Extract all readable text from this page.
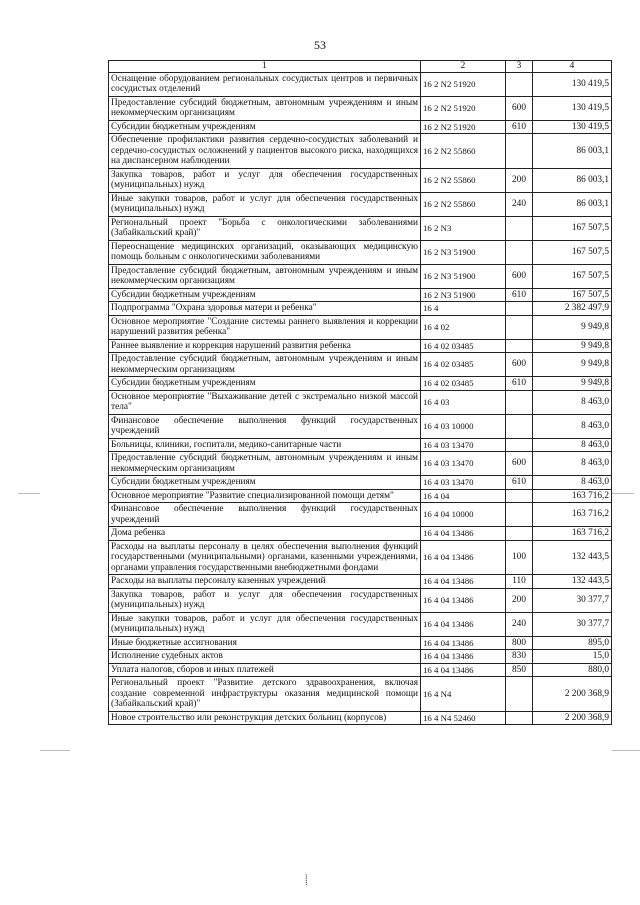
53
1	2	3	4
Оснащение оборудованием региональных сосудистых центров и первичных сосудистых отделений	16 2 N2 51920		130 419,5
Предоставление субсидий бюджетным, автономным учреждениям и иным некоммерческим организациям	16 2 N2 51920	600	130 419,5
Субсидии бюджетным учреждениям	16 2 N2 51920	610	130 419,5
Обеспечение профилактики развития сердечно-сосудистых заболеваний и сердечно-сосудистых осложнений у пациентов высокого риска, находящихся на диспансерном наблюдении	16 2 N2 55860		86 003,1
Закупка товаров, работ и услуг для обеспечения государственных (муниципальных) нужд	16 2 N2 55860	200	86 003,1
Иные закупки товаров, работ и услуг для обеспечения государственных (муниципальных) нужд	16 2 N2 55860	240	86 003,1
Региональный проект "Борьба с онкологическими заболеваниями (Забайкальский край)"	16 2 N3		167 507,5
Переоснащение медицинских организаций, оказывающих медицинскую помощь больным с онкологическими заболеваниями	16 2 N3 51900		167 507,5
Предоставление субсидий бюджетным, автономным учреждениям и иным некоммерческим организациям	16 2 N3 51900	600	167 507,5
Субсидии бюджетным учреждениям	16 2 N3 51900	610	167 507,5
Подпрограмма "Охрана здоровья матери и ребенка"	16 4		2 382 497,9
Основное мероприятие "Создание системы раннего выявления и коррекции нарушений развития ребенка"	16 4 02		9 949,8
Раннее выявление и коррекция нарушений развития ребенка	16 4 02 03485		9 949,8
Предоставление субсидий бюджетным, автономным учреждениям и иным некоммерческим организациям	16 4 02 03485	600	9 949,8
Субсидии бюджетным учреждениям	16 4 02 03485	610	9 949,8
Основное мероприятие "Выхаживание детей с экстремально низкой массой тела"	16 4 03		8 463,0
Финансовое обеспечение выполнения функций государственных учреждений	16 4 03 10000		8 463,0
Больницы, клиники, госпитали, медико-санитарные части	16 4 03 13470		8 463,0
Предоставление субсидий бюджетным, автономным учреждениям и иным некоммерческим организациям	16 4 03 13470	600	8 463,0
Субсидии бюджетным учреждениям	16 4 03 13470	610	8 463,0
Основное мероприятие "Развитие специализированной помощи детям"	16 4 04		163 716,2
Финансовое обеспечение выполнения функций государственных учреждений	16 4 04 10000		163 716,2
Дома ребенка	16 4 04 13486		163 716,2
Расходы на выплаты персоналу в целях обеспечения выполнения функций государственными (муниципальными) органами, казенными учреждениями, органами управления государственными внебюджетными фондами	16 4 04 13486	100	132 443,5
Расходы на выплаты персоналу казенных учреждений	16 4 04 13486	110	132 443,5
Закупка товаров, работ и услуг для обеспечения государственных (муниципальных) нужд	16 4 04 13486	200	30 377,7
Иные закупки товаров, работ и услуг для обеспечения государственных (муниципальных) нужд	16 4 04 13486	240	30 377,7
Иные бюджетные ассигнования	16 4 04 13486	800	895,0
Исполнение судебных актов	16 4 04 13486	830	15,0
Уплата налогов, сборов и иных платежей	16 4 04 13486	850	880,0
Региональный проект "Развитие детского здравоохранения, включая создание современной инфраструктуры оказания медицинской помощи (Забайкальский край)"	16 4 N4		2 200 368,9
Новое строительство или реконструкция детских больниц (корпусов)	16 4 N4 52460		2 200 368,9
⸽
